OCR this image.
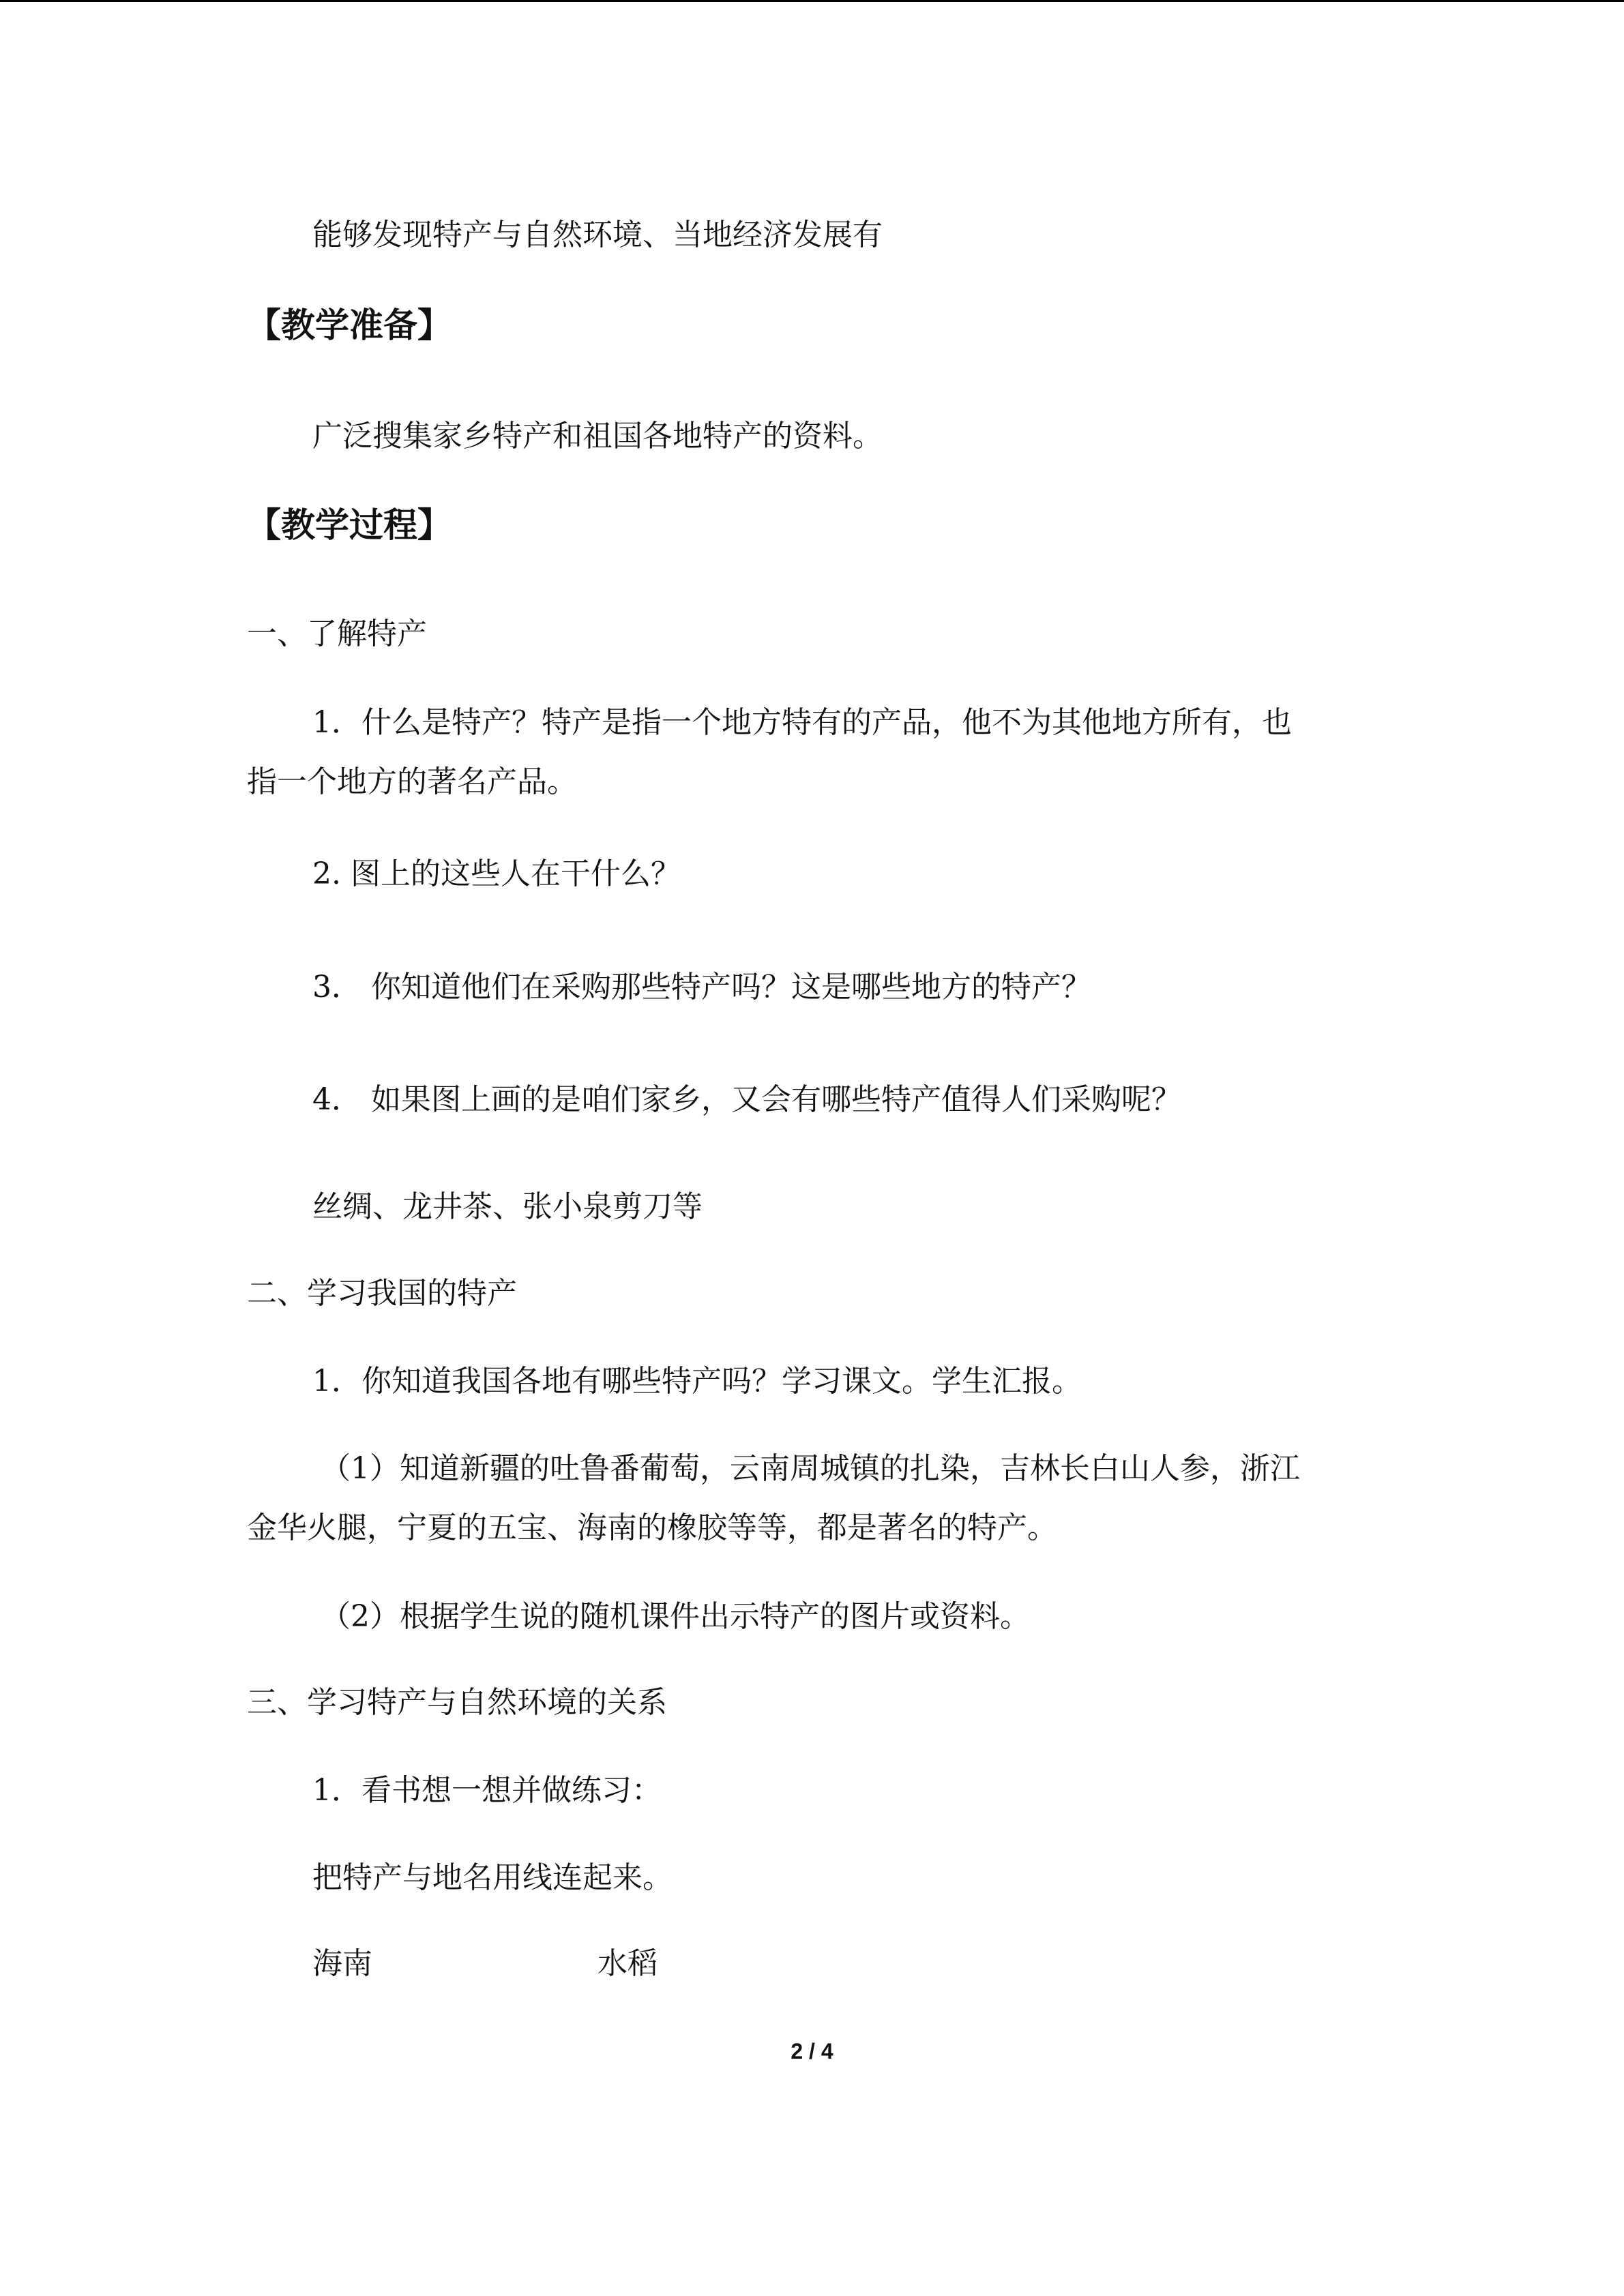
能够发现特产与自然环境、当地经济发展有
【教学准备】
广泛搜集家乡特产和祖国各地特产的资料。
【教学过程】
一、了解特产
1．什么是特产？特产是指一个地方特有的产品，他不为其他地方所有，也
指一个地方的著名产品。
2. 图上的这些人在干什么？
3． 你知道他们在采购那些特产吗？这是哪些地方的特产？
4． 如果图上画的是咱们家乡，又会有哪些特产值得人们采购呢？
丝绸、龙井茶、张小泉剪刀等
二、学习我国的特产
1．你知道我国各地有哪些特产吗？学习课文。学生汇报。
（1）知道新疆的吐鲁番葡萄，云南周城镇的扎染，吉林长白山人参，浙江
金华火腿，宁夏的五宝、海南的橡胶等等，都是著名的特产。
（2）根据学生说的随机课件出示特产的图片或资料。
三、学习特产与自然环境的关系
1．看书想一想并做练习：
把特产与地名用线连起来。
海南	水稻
2 / 4
